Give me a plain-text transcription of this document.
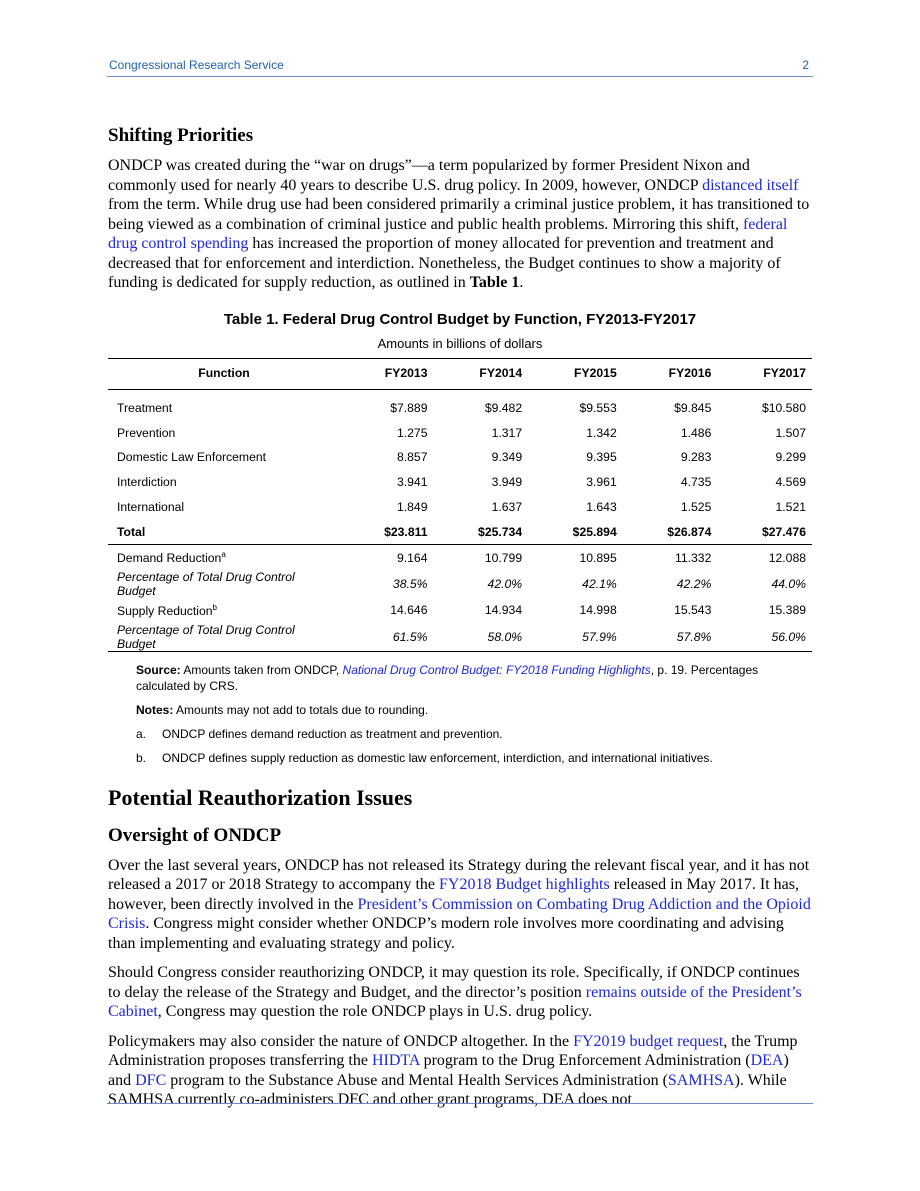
Congressional Research Service	2
Shifting Priorities

ONDCP was created during the “war on drugs”—a term popularized by former President Nixon and commonly used for nearly 40 years to describe U.S. drug policy. In 2009, however, ONDCP distanced itself from the term. While drug use had been considered primarily a criminal justice problem, it has transitioned to being viewed as a combination of criminal justice and public health problems. Mirroring this shift, federal drug control spending has increased the proportion of money allocated for prevention and treatment and decreased that for enforcement and interdiction. Nonetheless, the Budget continues to show a majority of funding is dedicated for supply reduction, as outlined in Table 1.

Table 1. Federal Drug Control Budget by Function, FY2013-FY2017
Amounts in billions of dollars
Function	FY2013	FY2014	FY2015	FY2016	FY2017
Treatment	$7.889	$9.482	$9.553	$9.845	$10.580
Prevention	1.275	1.317	1.342	1.486	1.507
Domestic Law Enforcement	8.857	9.349	9.395	9.283	9.299
Interdiction	3.941	3.949	3.961	4.735	4.569
International	1.849	1.637	1.643	1.525	1.521
Total	$23.811	$25.734	$25.894	$26.874	$27.476
Demand Reduction$^a$	9.164	10.799	10.895	11.332	12.088
Percentage of Total Drug Control Budget	38.5%	42.0%	42.1%	42.2%	44.0%
Supply Reduction$^b$	14.646	14.934	14.998	15.543	15.389
Percentage of Total Drug Control Budget	61.5%	58.0%	57.9%	57.8%	56.0%

Source: Amounts taken from ONDCP, National Drug Control Budget: FY2018 Funding Highlights, p. 19. Percentages calculated by CRS.

Notes: Amounts may not add to totals due to rounding.

a.	ONDCP defines demand reduction as treatment and prevention.
b.	ONDCP defines supply reduction as domestic law enforcement, interdiction, and international initiatives.
Potential Reauthorization Issues
Oversight of ONDCP

Over the last several years, ONDCP has not released its Strategy during the relevant fiscal year, and it has not released a 2017 or 2018 Strategy to accompany the FY2018 Budget highlights released in May 2017. It has, however, been directly involved in the President’s Commission on Combating Drug Addiction and the Opioid Crisis. Congress might consider whether ONDCP’s modern role involves more coordinating and advising than implementing and evaluating strategy and policy.

Should Congress consider reauthorizing ONDCP, it may question its role. Specifically, if ONDCP continues to delay the release of the Strategy and Budget, and the director’s position remains outside of the President’s Cabinet, Congress may question the role ONDCP plays in U.S. drug policy.

Policymakers may also consider the nature of ONDCP altogether. In the FY2019 budget request, the Trump Administration proposes transferring the HIDTA program to the Drug Enforcement Administration (DEA) and DFC program to the Substance Abuse and Mental Health Services Administration (SAMHSA). While SAMHSA currently co-administers DFC and other grant programs, DEA does not
